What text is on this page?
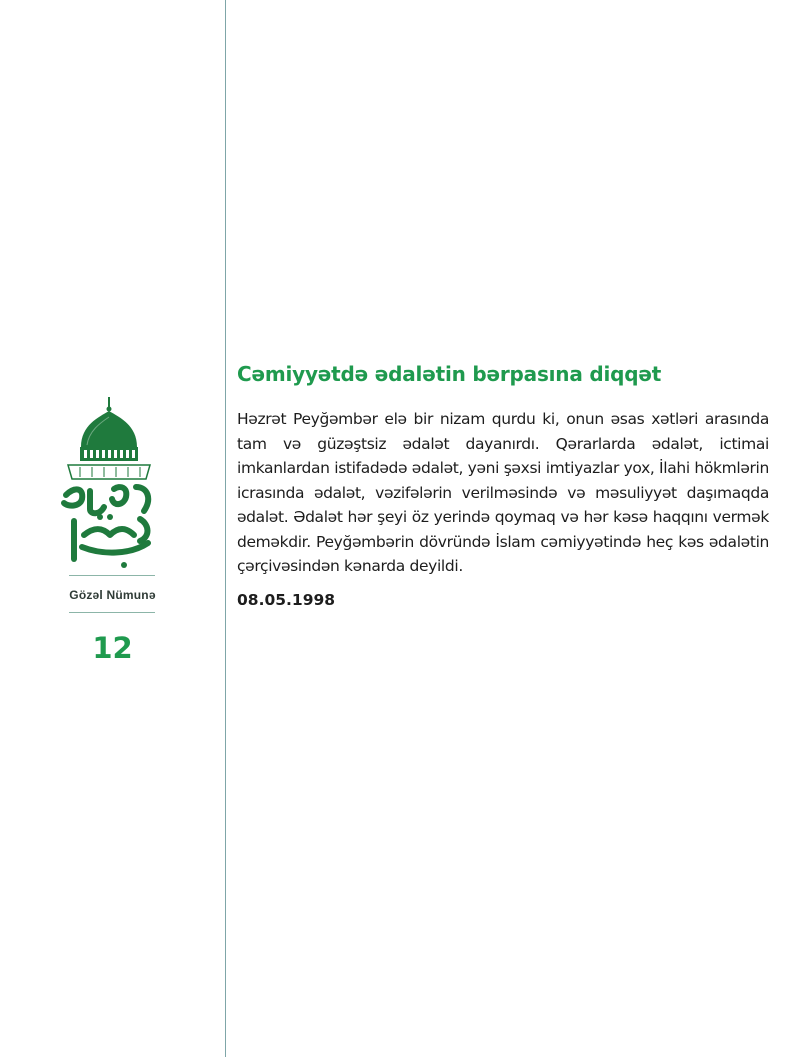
Gözəl Nümunə
12
Cəmiyyətdə ədalətin bərpasına diqqət

Həzrət Peyğəmbər elə bir nizam qurdu ki, onun əsas xətləri arasında tam və güzəştsiz ədalət dayanırdı. Qərarlarda ədalət, ictimai imkanlardan istifadədə ədalət, yəni şəxsi imtiyazlar yox, İlahi hökmlərin icrasında ədalət, vəzifələrin verilməsində və məsuliyyət daşımaqda ədalət. Ədalət hər şeyi öz yerində qoymaq və hər kəsə haqqını vermək deməkdir. Peyğəmbərin dövründə İslam cəmiyyətində heç kəs ədalətin çərçivəsindən kənarda deyildi.

08.05.1998
